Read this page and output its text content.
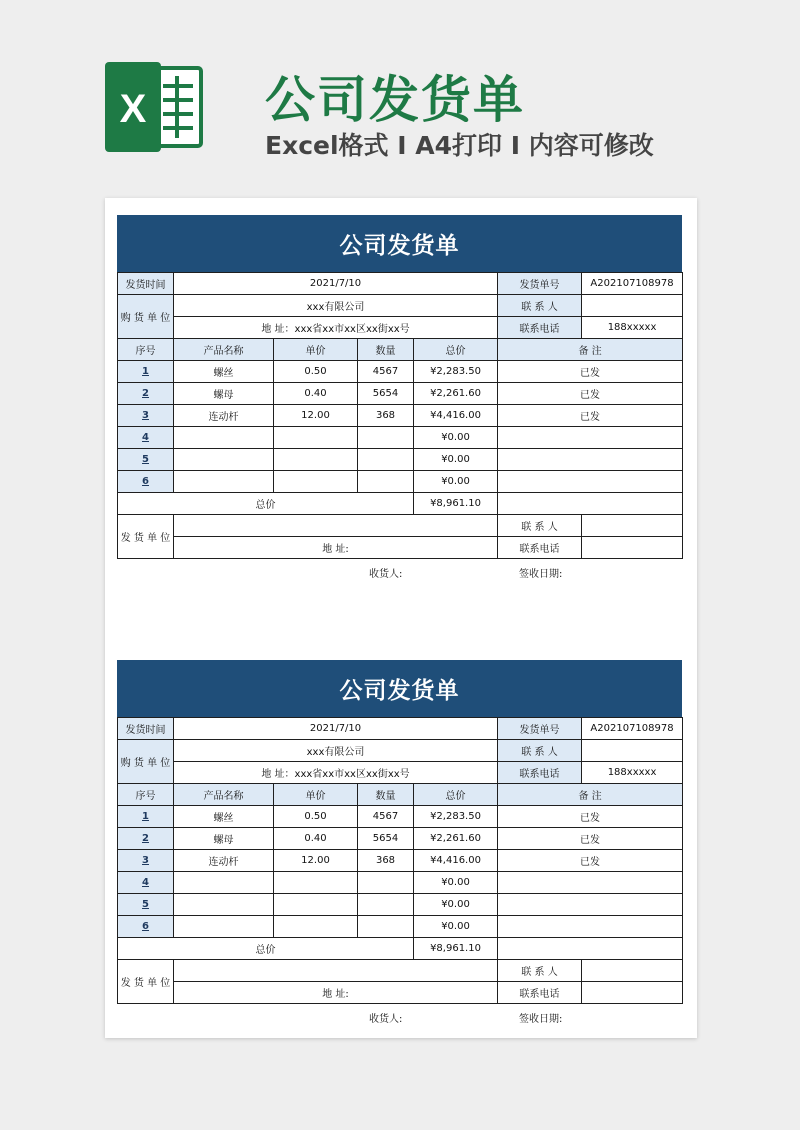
X 公司发货单
Excel格式 I A4打印 I 内容可修改
公司发货单
发货时间	2021/7/10				发货单号	A202107108978
购 货 单 位	xxx有限公司				联 系 人	
	地 址：xxx省xx市xx区xx街xx号				联系电话	188xxxxx
序号	产品名称	单价	数量	总价	备 注	
1	螺丝	0.50	4567	¥2,283.50	已发	
2	螺母	0.40	5654	¥2,261.60	已发	
3	连动杆	12.00	368	¥4,416.00	已发	
4				¥0.00		
5				¥0.00		
6				¥0.00		
总价				¥8,961.10		
发 货 单 位					联 系 人	
	地 址:				联系电话	
收货人:	签收日期:
公司发货单
发货时间	2021/7/10				发货单号	A202107108978
购 货 单 位	xxx有限公司				联 系 人	
	地 址：xxx省xx市xx区xx街xx号				联系电话	188xxxxx
序号	产品名称	单价	数量	总价	备 注	
1	螺丝	0.50	4567	¥2,283.50	已发	
2	螺母	0.40	5654	¥2,261.60	已发	
3	连动杆	12.00	368	¥4,416.00	已发	
4				¥0.00		
5				¥0.00		
6				¥0.00		
总价				¥8,961.10		
发 货 单 位					联 系 人	
	地 址:				联系电话	
收货人:	签收日期:
